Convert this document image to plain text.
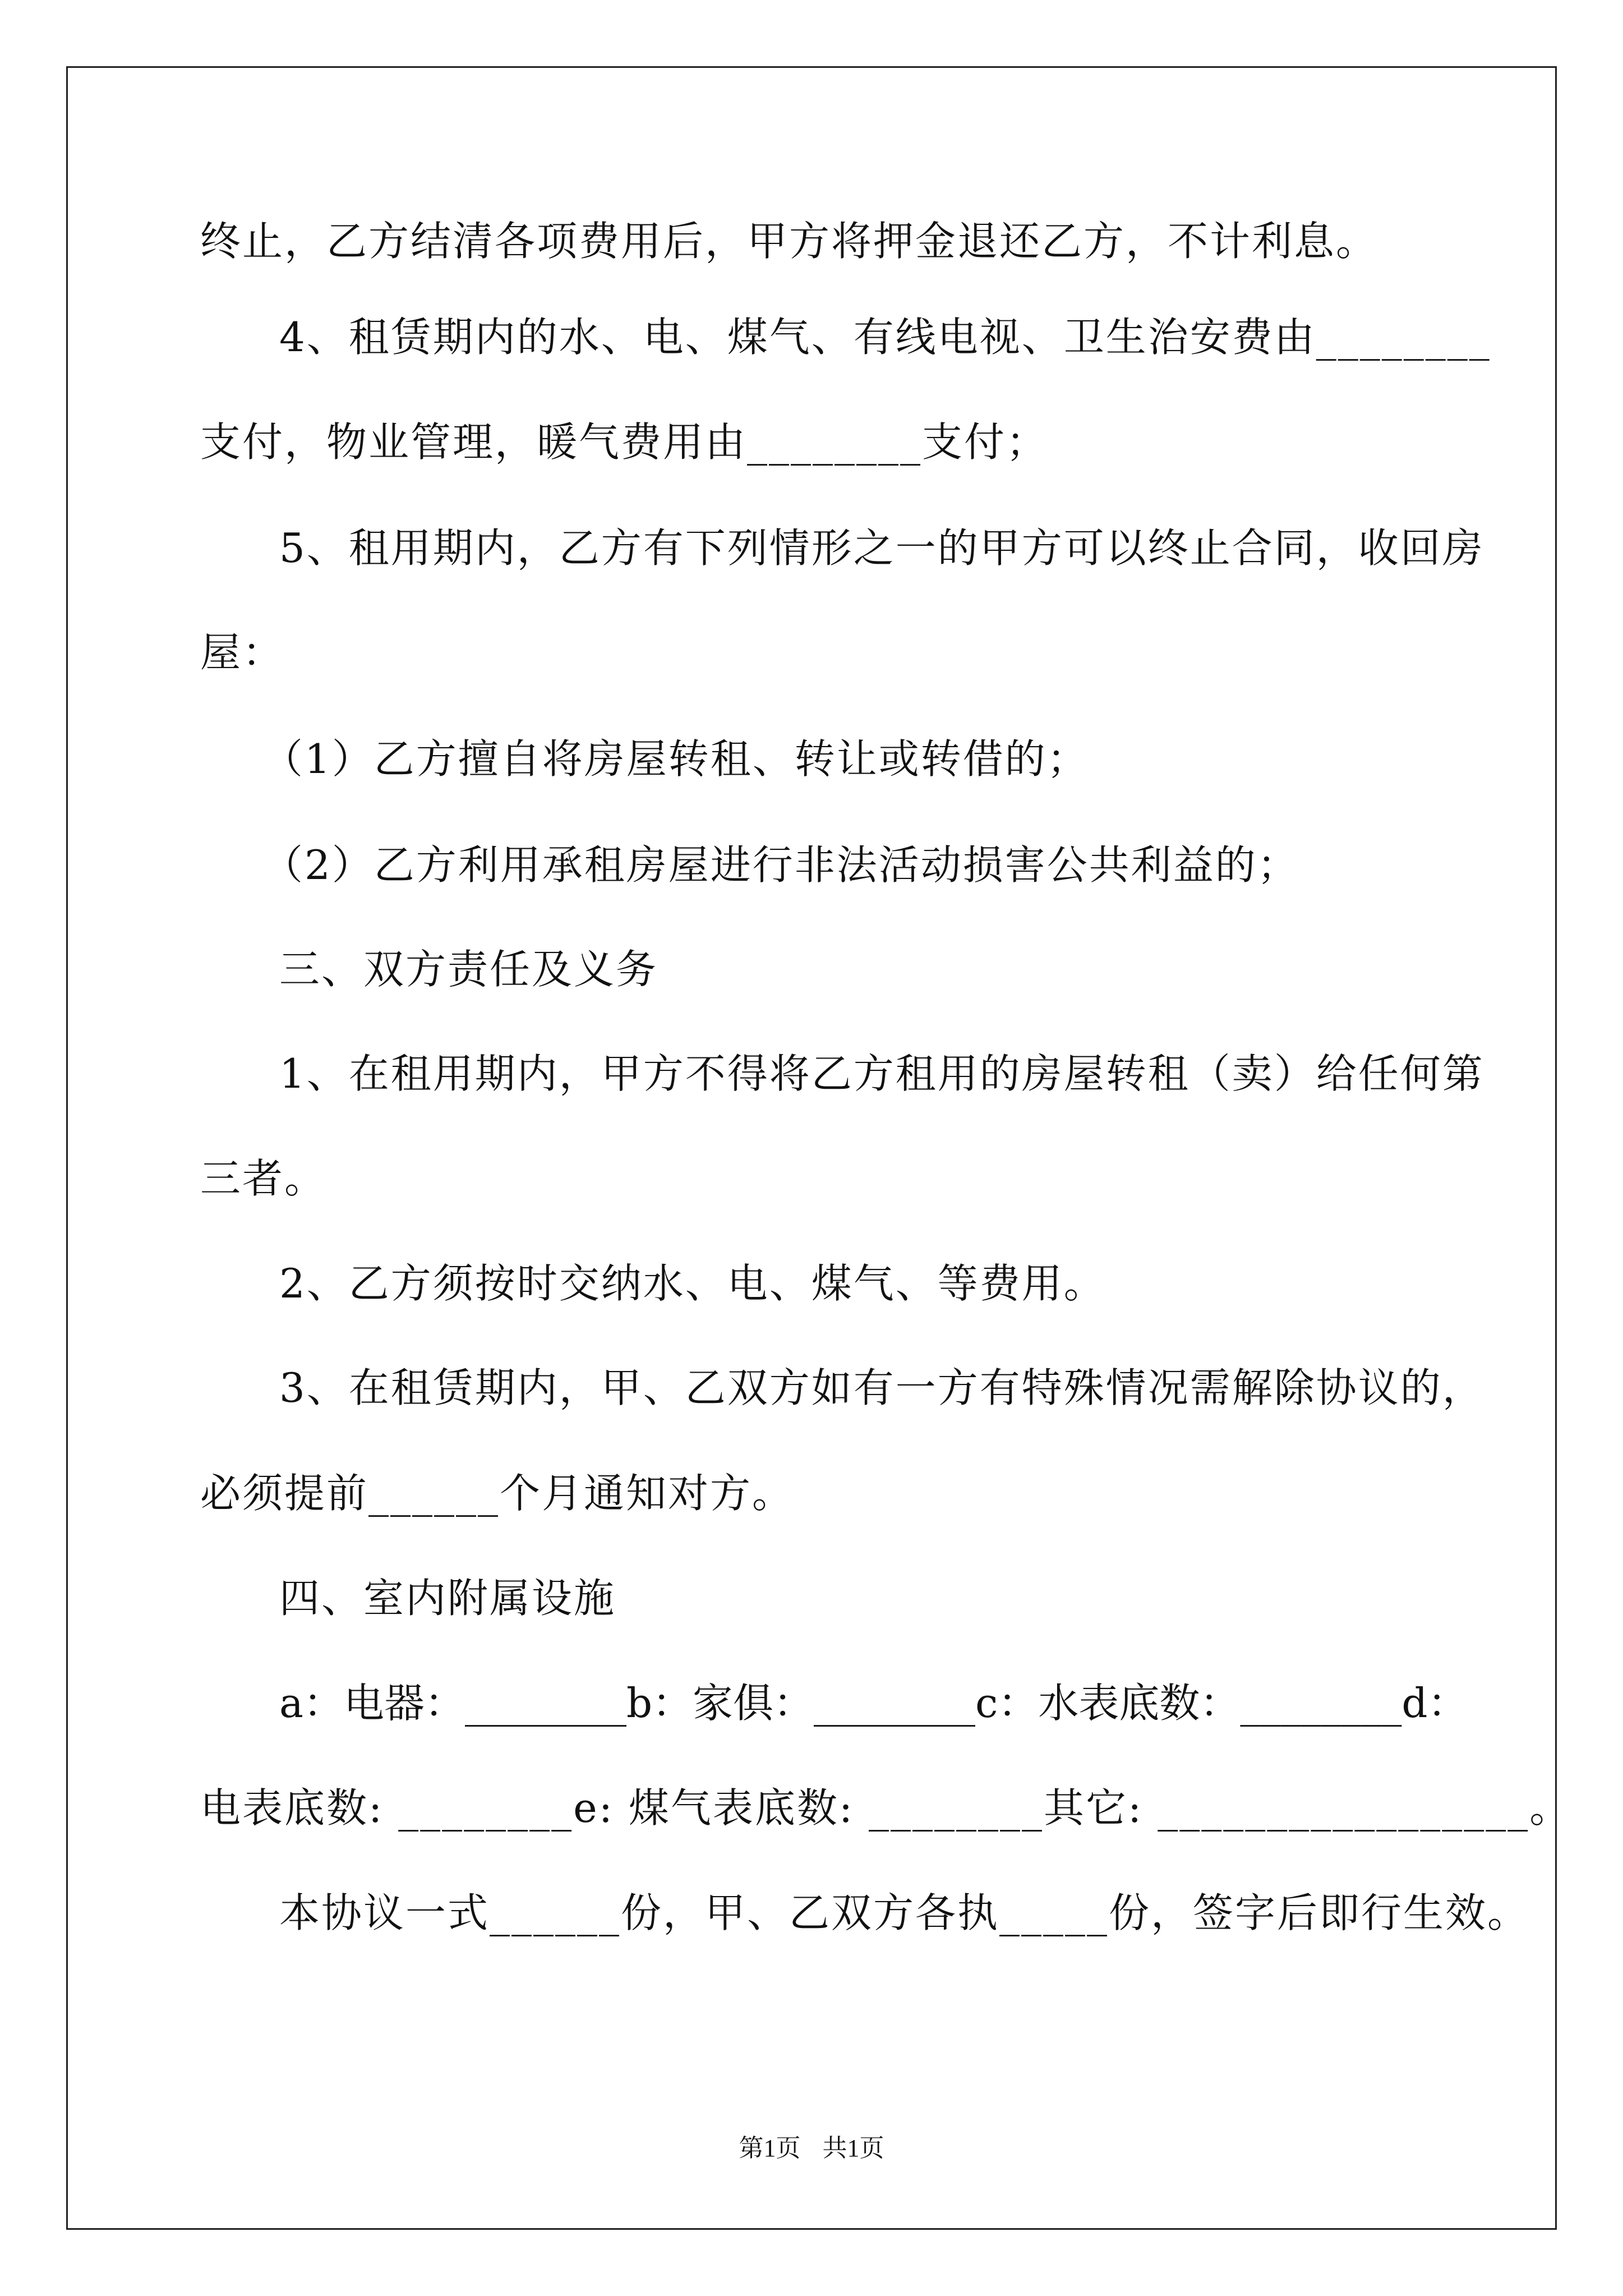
终止，乙方结清各项费用后，甲方将押金退还乙方，不计利息。
4、租赁期内的水、电、煤气、有线电视、卫生治安费由________
支付，物业管理，暖气费用由________支付；
5、租用期内，乙方有下列情形之一的甲方可以终止合同，收回房
屋：
（1）乙方擅自将房屋转租、转让或转借的；
（2）乙方利用承租房屋进行非法活动损害公共利益的；
三、双方责任及义务
1、在租用期内，甲方不得将乙方租用的房屋转租（卖）给任何第
三者。
2、乙方须按时交纳水、电、煤气、等费用。
3、在租赁期内，甲、乙双方如有一方有特殊情况需解除协议的，
必须提前______个月通知对方。
四、室内附属设施
a： 电器：________b： 家俱：________c： 水表底数：________d：
电表底数: ________e: 煤气表底数: ________其它: _________________。
本协议一式______份，甲、乙双方各执_____份，签字后即行生效。
第1页 共1页
